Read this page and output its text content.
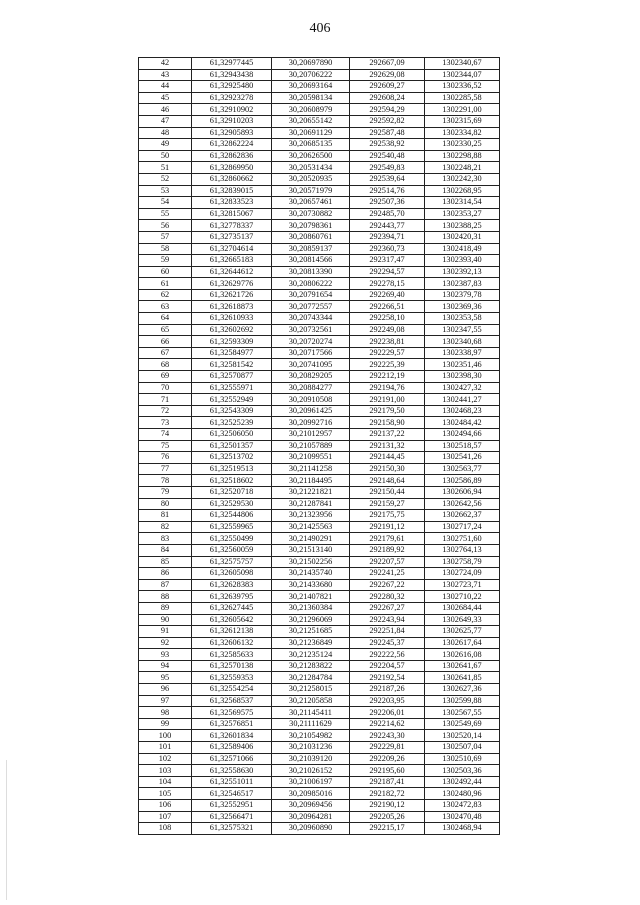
406
42	61,32977445	30,20697890	292667,09	1302340,67
43	61,32943438	30,20706222	292629,08	1302344,07
44	61,32925480	30,20693164	292609,27	1302336,52
45	61,32923278	30,20598134	292608,24	1302285,58
46	61,32910902	30,20608979	292594,29	1302291,00
47	61,32910203	30,20655142	292592,82	1302315,69
48	61,32905893	30,20691129	292587,48	1302334,82
49	61,32862224	30,20685135	292538,92	1302330,25
50	61,32862836	30,20626500	292540,48	1302298,88
51	61,32869950	30,20531434	292549,83	1302248,21
52	61,32860662	30,20520935	292539,64	1302242,30
53	61,32839015	30,20571979	292514,76	1302268,95
54	61,32833523	30,20657461	292507,36	1302314,54
55	61,32815067	30,20730882	292485,70	1302353,27
56	61,32778337	30,20798361	292443,77	1302388,25
57	61,32735137	30,20860761	292394,71	1302420,31
58	61,32704614	30,20859137	292360,73	1302418,49
59	61,32665183	30,20814566	292317,47	1302393,40
60	61,32644612	30,20813390	292294,57	1302392,13
61	61,32629776	30,20806222	292278,15	1302387,83
62	61,32621726	30,20791654	292269,40	1302379,78
63	61,32618873	30,20772557	292266,51	1302369,36
64	61,32610933	30,20743344	292258,10	1302353,58
65	61,32602692	30,20732561	292249,08	1302347,55
66	61,32593309	30,20720274	292238,81	1302340,68
67	61,32584977	30,20717566	292229,57	1302338,97
68	61,32581542	30,20741095	292225,39	1302351,46
69	61,32570877	30,20829205	292212,19	1302398,30
70	61,32555971	30,20884277	292194,76	1302427,32
71	61,32552949	30,20910508	292191,00	1302441,27
72	61,32543309	30,20961425	292179,50	1302468,23
73	61,32525239	30,20992716	292158,90	1302484,42
74	61,32506050	30,21012957	292137,22	1302494,66
75	61,32501357	30,21057889	292131,32	1302518,57
76	61,32513702	30,21099551	292144,45	1302541,26
77	61,32519513	30,21141258	292150,30	1302563,77
78	61,32518602	30,21184495	292148,64	1302586,89
79	61,32520718	30,21221821	292150,44	1302606,94
80	61,32529530	30,21287841	292159,27	1302642,56
81	61,32544806	30,21323956	292175,75	1302662,37
82	61,32559965	30,21425563	292191,12	1302717,24
83	61,32550499	30,21490291	292179,61	1302751,60
84	61,32560059	30,21513140	292189,92	1302764,13
85	61,32575757	30,21502256	292207,57	1302758,79
86	61,32605098	30,21435740	292241,25	1302724,09
87	61,32628383	30,21433680	292267,22	1302723,71
88	61,32639795	30,21407821	292280,32	1302710,22
89	61,32627445	30,21360384	292267,27	1302684,44
90	61,32605642	30,21296069	292243,94	1302649,33
91	61,32612138	30,21251685	292251,84	1302625,77
92	61,32606132	30,21236849	292245,37	1302617,64
93	61,32585633	30,21235124	292222,56	1302616,08
94	61,32570138	30,21283822	292204,57	1302641,67
95	61,32559353	30,21284784	292192,54	1302641,85
96	61,32554254	30,21258015	292187,26	1302627,36
97	61,32568537	30,21205858	292203,95	1302599,88
98	61,32569575	30,21145411	292206,01	1302567,55
99	61,32576851	30,21111629	292214,62	1302549,69
100	61,32601834	30,21054982	292243,30	1302520,14
101	61,32589406	30,21031236	292229,81	1302507,04
102	61,32571066	30,21039120	292209,26	1302510,69
103	61,32558630	30,21026152	292195,60	1302503,36
104	61,32551011	30,21006197	292187,41	1302492,44
105	61,32546517	30,20985016	292182,72	1302480,96
106	61,32552951	30,20969456	292190,12	1302472,83
107	61,32566471	30,20964281	292205,26	1302470,48
108	61,32575321	30,20960890	292215,17	1302468,94
